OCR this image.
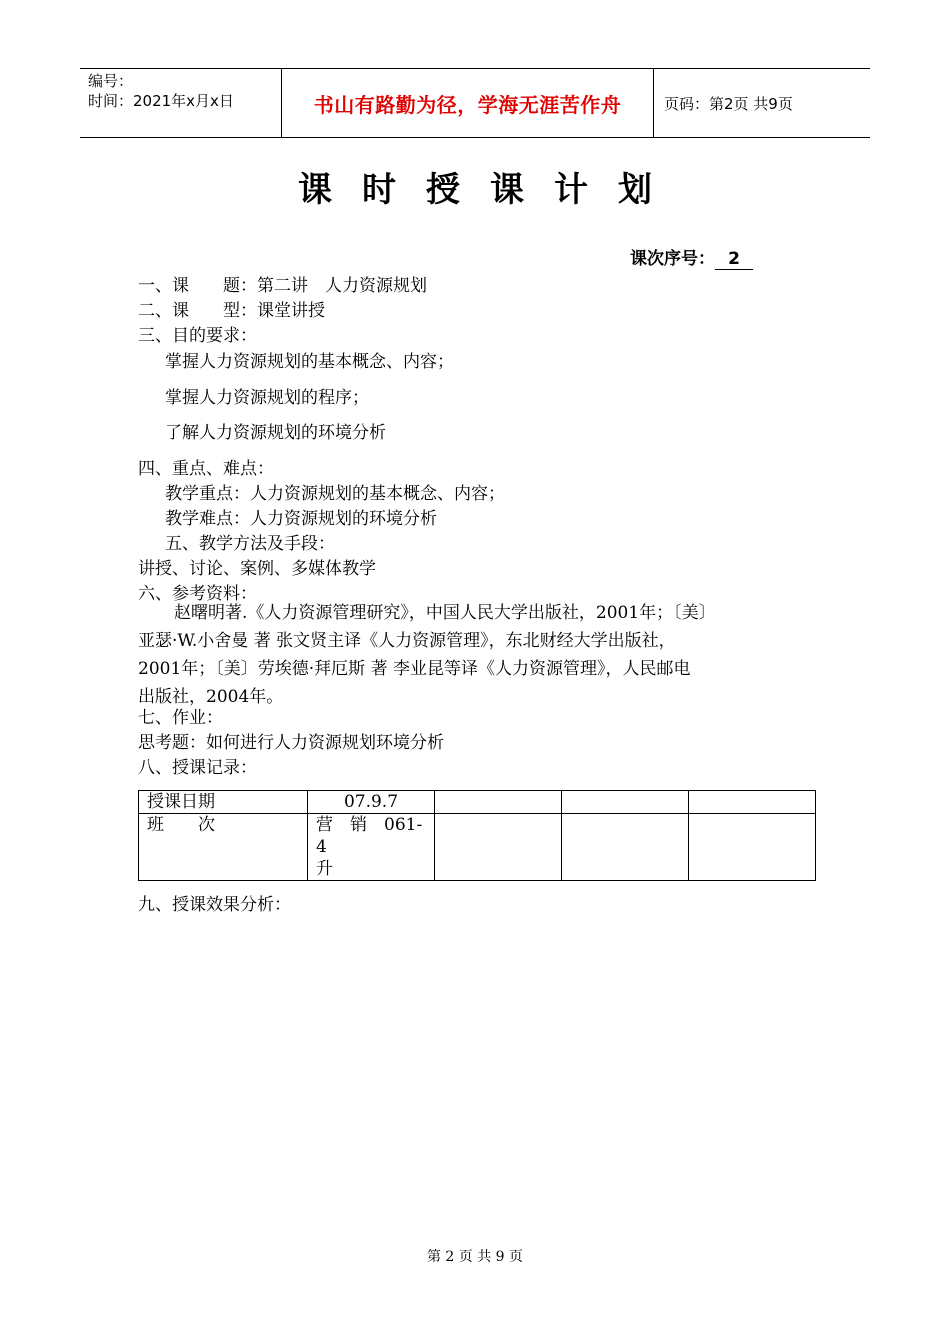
编号：
时间：2021年x月x日	书山有路勤为径，学海无涯苦作舟	页码：第2页 共9页
课时授课计划
课次序号： 2
一、课　　题：第二讲　人力资源规划
二、课　　型：课堂讲授
三、目的要求：
掌握人力资源规划的基本概念、内容；
掌握人力资源规划的程序；
了解人力资源规划的环境分析
四、重点、难点：
教学重点：人力资源规划的基本概念、内容；
教学难点：人力资源规划的环境分析
五、教学方法及手段：
讲授、讨论、案例、多媒体教学
六、参考资料：
赵曙明著.《人力资源管理研究》，中国人民大学出版社，2001年；〔美〕
亚瑟·W.小舍曼 著 张文贤主译《人力资源管理》，东北财经大学出版社，
2001年；〔美〕劳埃德·拜厄斯 著 李业昆等译《人力资源管理》，人民邮电
出版社，2004年。
七、作业：
思考题：如何进行人力资源规划环境分析
八、授课记录：
授课日期	07.9.7			
班　　次	营　销　061-4
升			

九、授课效果分析：
第 2 页 共 9 页
